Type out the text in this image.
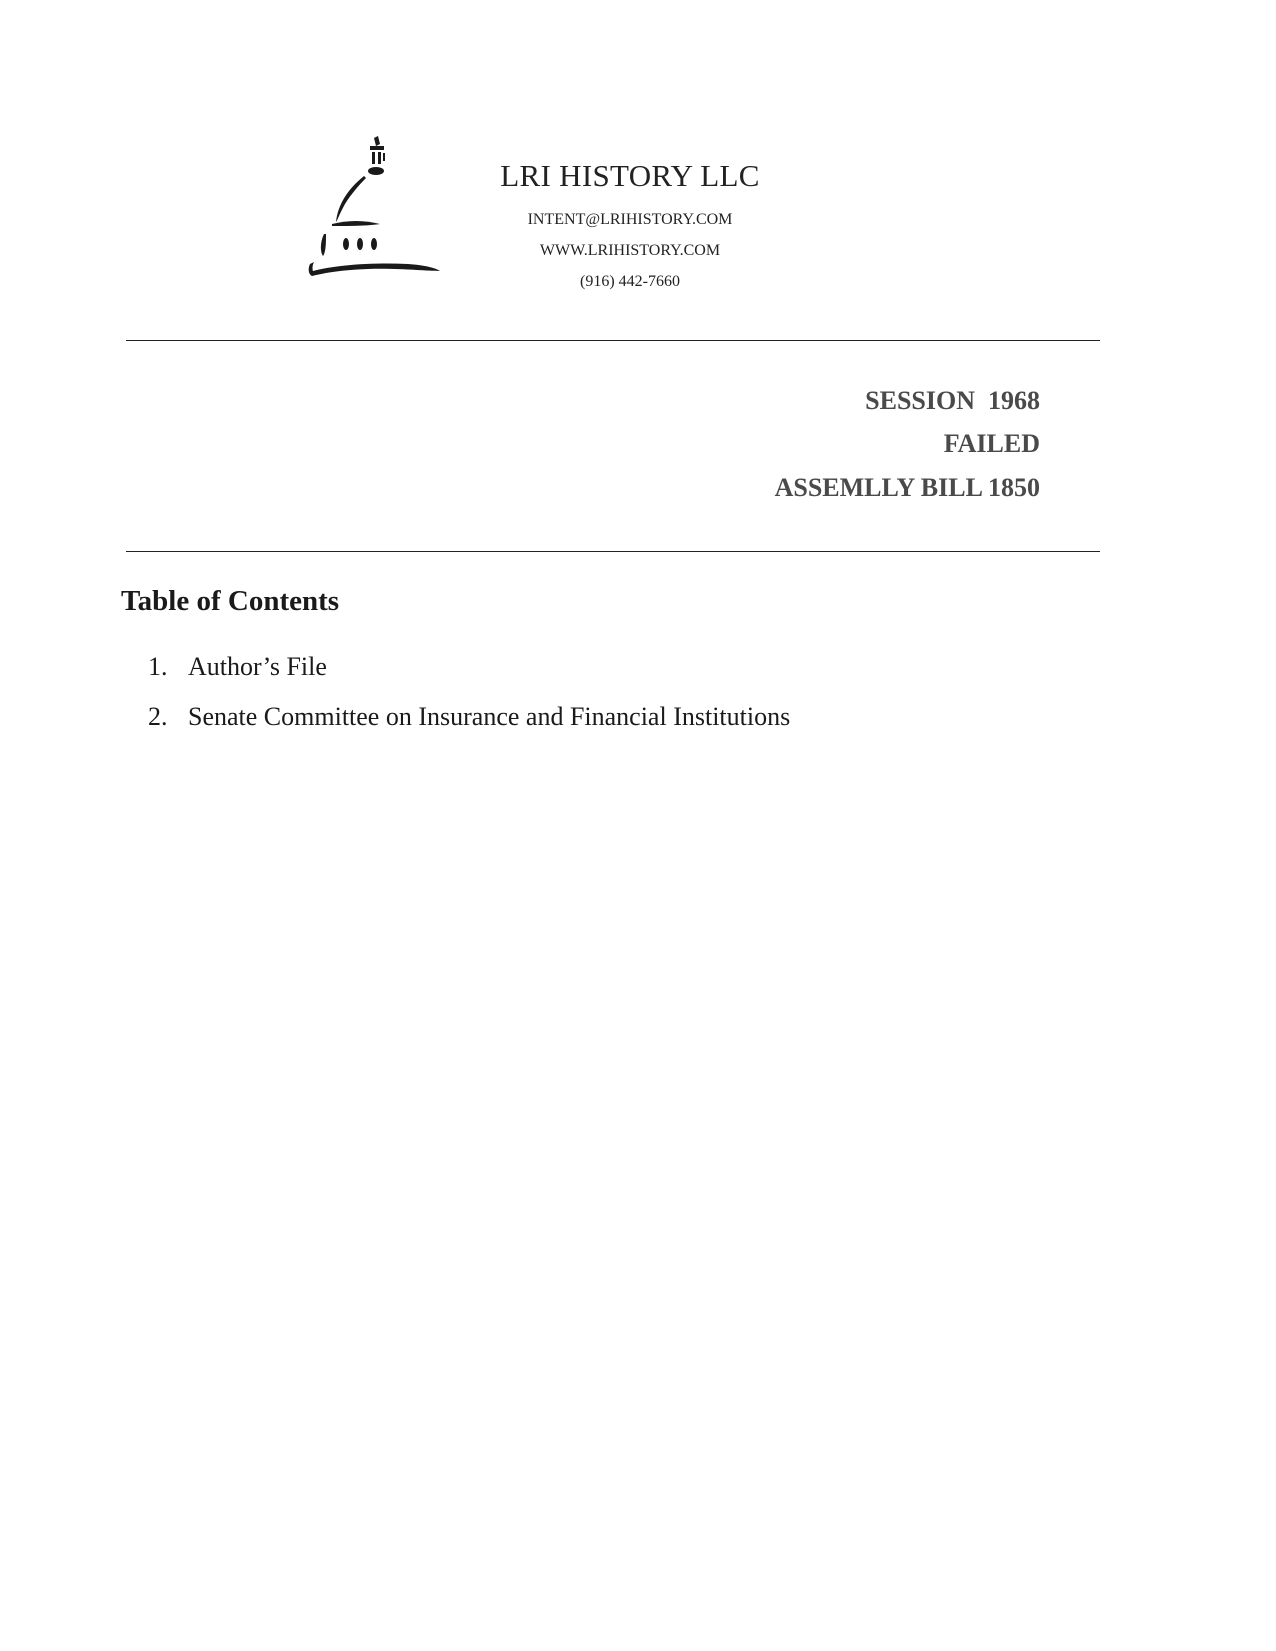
LRI HISTORY LLC
INTENT@LRIHISTORY.COM
WWW.LRIHISTORY.COM
(916) 442-7660
SESSION  1968
FAILED
ASSEMLLY BILL 1850
Table of Contents
1. Author’s File
2. Senate Committee on Insurance and Financial Institutions
